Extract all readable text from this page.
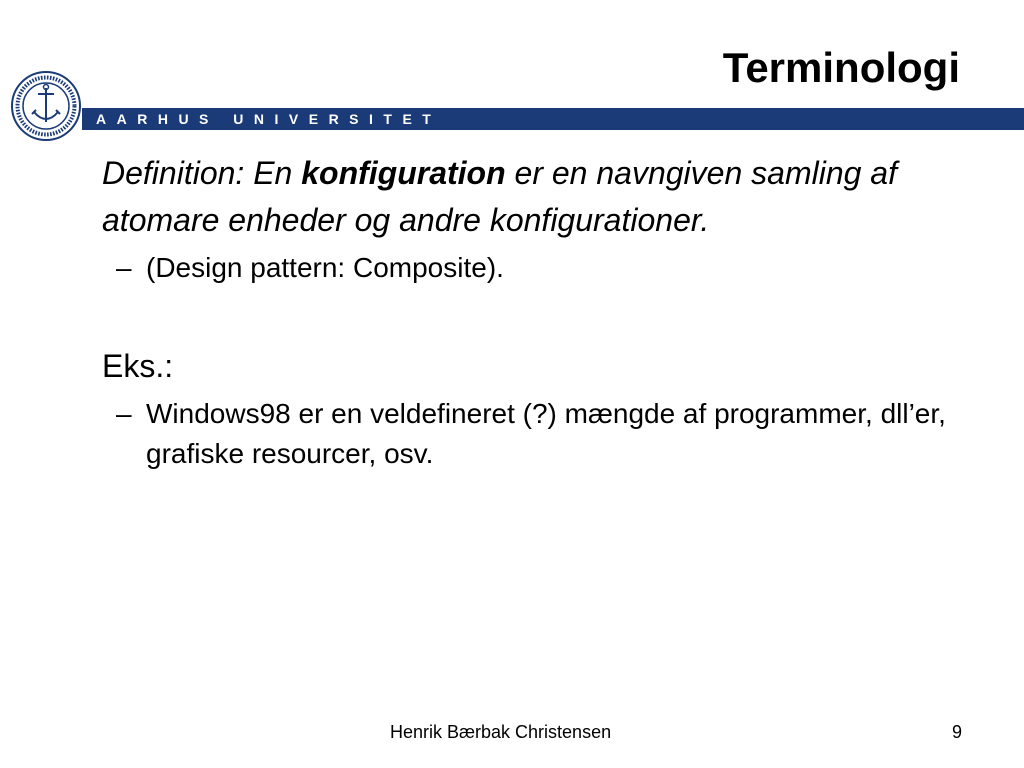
Terminologi
AARHUS UNIVERSITET

Definition: En konfiguration er en navngiven samling af atomare enheder og andre konfigurationer.

– (Design pattern: Composite).

Eks.:

– Windows98 er en veldefineret (?) mængde af programmer, dll’er, grafiske resourcer, osv.

Henrik Bærbak Christensen	9
